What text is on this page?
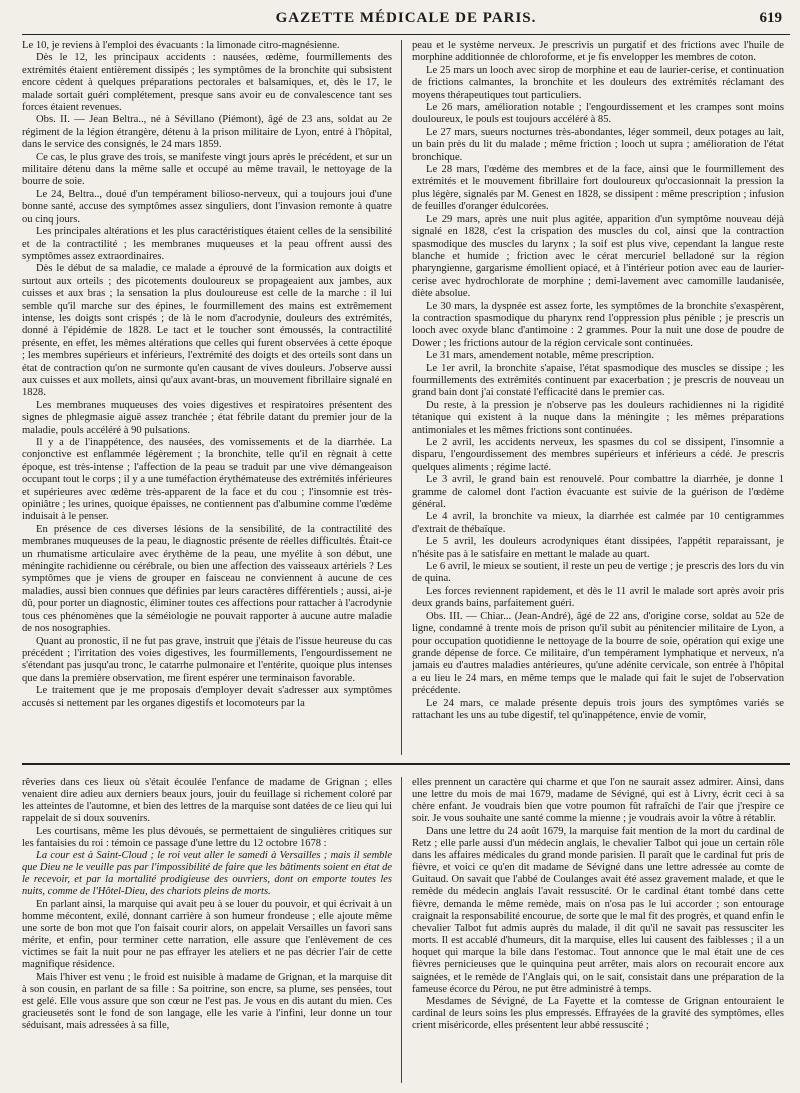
GAZETTE MÉDICALE DE PARIS.	619

Le 10, je reviens à l'emploi des évacuants : la limonade citro-magnésienne.

Dès le 12, les principaux accidents : nausées, œdème, fourmillements des extrémités étaient entièrement dissipés ; les symptômes de la bronchite qui subsistent encore cèdent à quelques préparations pectorales et balsamiques, et, dès le 17, le malade sortait guéri complétement, presque sans avoir eu de convalescence tant ses forces étaient revenues.

Obs. II. — Jean Beltra.., né à Sévillano (Piémont), âgé de 23 ans, soldat au 2e régiment de la légion étrangère, détenu à la prison militaire de Lyon, entré à l'hôpital, dans le service des consignés, le 24 mars 1859.

Ce cas, le plus grave des trois, se manifeste vingt jours après le précédent, et sur un militaire détenu dans la même salle et occupé au même travail, le nettoyage de la bourre de soie.

Le 24, Beltra.., doué d'un tempérament bilioso-nerveux, qui a toujours joui d'une bonne santé, accuse des symptômes assez singuliers, dont l'invasion remonte à quatre ou cinq jours.

Les principales altérations et les plus caractéristiques étaient celles de la sensibilité et de la contractilité ; les membranes muqueuses et la peau offrent aussi des symptômes assez extraordinaires.

Dès le début de sa maladie, ce malade a éprouvé de la formication aux doigts et surtout aux orteils ; des picotements douloureux se propageaient aux jambes, aux cuisses et aux bras ; la sensation la plus douloureuse est celle de la marche : il lui semble qu'il marche sur des épines, le fourmillement des mains est extrêmement intense, les doigts sont crispés ; de là le nom d'acrodynie, douleurs des extrémités, donné à l'épidémie de 1828. Le tact et le toucher sont émoussés, la contractilité présente, en effet, les mêmes altérations que celles qui furent observées à cette époque ; les membres supérieurs et inférieurs, l'extrémité des doigts et des orteils sont dans un état de contraction qu'on ne surmonte qu'en causant de vives douleurs. J'observe aussi aux cuisses et aux mollets, ainsi qu'aux avant-bras, un mouvement fibrillaire signalé en 1828.

Les membranes muqueuses des voies digestives et respiratoires présentent des signes de phlegmasie aiguë assez tranchée ; état fébrile datant du premier jour de la maladie, pouls accéléré à 90 pulsations.

Il y a de l'inappétence, des nausées, des vomissements et de la diarrhée. La conjonctive est enflammée légèrement ; la bronchite, telle qu'il en règnait à cette époque, est très-intense ; l'affection de la peau se traduit par une vive démangeaison occupant tout le corps ; il y a une tuméfaction érythémateuse des extrémités inférieures et supérieures avec œdème très-apparent de la face et du cou ; l'insomnie est très-opiniâtre ; les urines, quoique épaisses, ne contiennent pas d'albumine comme l'œdème induisait à le penser.

En présence de ces diverses lésions de la sensibilité, de la contractilité des membranes muqueuses de la peau, le diagnostic présente de réelles difficultés. Était-ce un rhumatisme articulaire avec érythème de la peau, une myélite à son début, une méningite rachidienne ou cérébrale, ou bien une affection des vaisseaux artériels ? Les symptômes que je viens de grouper en faisceau ne conviennent à aucune de ces maladies, aussi bien connues que définies par leurs caractères différentiels ; aussi, ai-je dû, pour porter un diagnostic, éliminer toutes ces affections pour rattacher à l'acrodynie tous ces phénomènes que la séméiologie ne pouvait rapporter à aucune autre maladie de nos nosographies.

Quant au pronostic, il ne fut pas grave, instruit que j'étais de l'issue heureuse du cas précédent ; l'irritation des voies digestives, les fourmillements, l'engourdissement ne s'étendant pas jusqu'au tronc, le catarrhe pulmonaire et l'entérite, quoique plus intenses que dans la première observation, me firent espérer une terminaison favorable.

Le traitement que je me proposais d'employer devait s'adresser aux symptômes accusés si nettement par les organes digestifs et locomoteurs par la

peau et le système nerveux. Je prescrivis un purgatif et des frictions avec l'huile de morphine additionnée de chloroforme, et je fis envelopper les membres de coton.

Le 25 mars un looch avec sirop de morphine et eau de laurier-cerise, et continuation de frictions calmantes, la bronchite et les douleurs des extrémités réclamant des moyens thérapeutiques tout particuliers.

Le 26 mars, amélioration notable ; l'engourdissement et les crampes sont moins douloureux, le pouls est toujours accéléré à 85.

Le 27 mars, sueurs nocturnes très-abondantes, léger sommeil, deux potages au lait, un bain près du lit du malade ; même friction ; looch ut supra ; amélioration de l'état bronchique.

Le 28 mars, l'œdème des membres et de la face, ainsi que le fourmillement des extrémités et le mouvement fibrillaire fort douloureux qu'occasionnait la pression la plus légère, signalés par M. Genest en 1828, se dissipent : même prescription ; infusion de feuilles d'oranger édulcorées.

Le 29 mars, après une nuit plus agitée, apparition d'un symptôme nouveau déjà signalé en 1828, c'est la crispation des muscles du col, ainsi que la contraction spasmodique des muscles du larynx ; la soif est plus vive, cependant la langue reste blanche et humide ; friction avec le cérat mercuriel belladoné sur la région pharyngienne, gargarisme émollient opiacé, et à l'intérieur potion avec eau de laurier-cerise avec hydrochlorate de morphine ; demi-lavement avec camomille laudanisée, diète absolue.

Le 30 mars, la dyspnée est assez forte, les symptômes de la bronchite s'exaspèrent, la contraction spasmodique du pharynx rend l'oppression plus pénible ; je prescris un looch avec oxyde blanc d'antimoine : 2 grammes. Pour la nuit une dose de poudre de Dower ; les frictions autour de la région cervicale sont continuées.

Le 31 mars, amendement notable, même prescription.

Le 1er avril, la bronchite s'apaise, l'état spasmodique des muscles se dissipe ; les fourmillements des extrémités continuent par exacerbation ; je prescris de nouveau un grand bain dont j'ai constaté l'efficacité dans le premier cas.

Du reste, à la pression je n'observe pas les douleurs rachidiennes ni la rigidité tétanique qui existent à la nuque dans la méningite ; les mêmes préparations antimoniales et les mêmes frictions sont continuées.

Le 2 avril, les accidents nerveux, les spasmes du col se dissipent, l'insomnie a disparu, l'engourdissement des membres supérieurs et inférieurs a cédé. Je prescris quelques aliments ; régime lacté.

Le 3 avril, le grand bain est renouvelé. Pour combattre la diarrhée, je donne 1 gramme de calomel dont l'action évacuante est suivie de la guérison de l'œdème général.

Le 4 avril, la bronchite va mieux, la diarrhée est calmée par 10 centigrammes d'extrait de thébaïque.

Le 5 avril, les douleurs acrodyniques étant dissipées, l'appétit reparaissant, je n'hésite pas à le satisfaire en mettant le malade au quart.

Le 6 avril, le mieux se soutient, il reste un peu de vertige ; je prescris des lors du vin de quina.

Les forces reviennent rapidement, et dès le 11 avril le malade sort après avoir pris deux grands bains, parfaitement guéri.

Obs. III. — Chiar... (Jean-André), âgé de 22 ans, d'origine corse, soldat au 52e de ligne, condamné à trente mois de prison qu'il subit au pénitencier militaire de Lyon, a pour occupation quotidienne le nettoyage de la bourre de soie, opération qui exige une grande dépense de force. Ce militaire, d'un tempérament lymphatique et nerveux, n'a jamais eu d'autres maladies antérieures, qu'une adénite cervicale, son entrée à l'hôpital a eu lieu le 24 mars, en même temps que le malade qui fait le sujet de l'observation précédente.

Le 24 mars, ce malade présente depuis trois jours des symptômes variés se rattachant les uns au tube digestif, tel qu'inappétence, envie de vomir,

rêveries dans ces lieux où s'était écoulée l'enfance de madame de Grignan ; elles venaient dire adieu aux derniers beaux jours, jouir du feuillage si richement coloré par les atteintes de l'automne, et bien des lettres de la marquise sont datées de ce lieu qui lui rappelait de si doux souvenirs.

Les courtisans, même les plus dévoués, se permettaient de singulières critiques sur les fantaisies du roi : témoin ce passage d'une lettre du 12 octobre 1678 :

La cour est à Saint-Cloud ; le roi veut aller le samedi à Versailles ; mais il semble que Dieu ne le veuille pas par l'impossibilité de faire que les bâtiments soient en état de le recevoir, et par la mortalité prodigieuse des ouvriers, dont on emporte toutes les nuits, comme de l'Hôtel-Dieu, des chariots pleins de morts.

En parlant ainsi, la marquise qui avait peu à se louer du pouvoir, et qui écrivait à un homme mécontent, exilé, donnant carrière à son humeur frondeuse ; elle ajoute même une sorte de bon mot que l'on faisait courir alors, on appelait Versailles un favori sans mérite, et enfin, pour terminer cette narration, elle assure que l'enlèvement de ces victimes se fait la nuit pour ne pas effrayer les ateliers et ne pas décrier l'air de cette magnifique résidence.

Mais l'hiver est venu ; le froid est nuisible à madame de Grignan, et la marquise dit à son cousin, en parlant de sa fille : Sa poitrine, son encre, sa plume, ses pensées, tout est gelé. Elle vous assure que son cœur ne l'est pas. Je vous en dis autant du mien. Ces gracieusetés sont le fond de son langage, elle les varie à l'infini, leur donne un tour séduisant, mais adressées à sa fille,

elles prennent un caractère qui charme et que l'on ne saurait assez admirer. Ainsi, dans une lettre du mois de mai 1679, madame de Sévigné, qui est à Livry, écrit ceci à sa chère enfant. Je voudrais bien que votre poumon fût rafraîchi de l'air que j'respire ce soir. Je vous souhaite une santé comme la mienne ; je voudrais avoir la vôtre à rétablir.

Dans une lettre du 24 août 1679, la marquise fait mention de la mort du cardinal de Retz ; elle parle aussi d'un médecin anglais, le chevalier Talbot qui joue un certain rôle dans les affaires médicales du grand monde parisien. Il paraît que le cardinal fut pris de fièvre, et voici ce qu'en dit madame de Sévigné dans une lettre adressée au comte de Guitaud. On savait que l'abbé de Coulanges avait été assez gravement malade, et que le remède du médecin anglais l'avait ressuscité. Or le cardinal étant tombé dans cette fièvre, demanda le même remède, mais on n'osa pas le lui accorder ; son entourage craignait la responsabilité encourue, de sorte que le mal fit des progrès, et quand enfin le chevalier Talbot fut admis auprès du malade, il dit qu'il ne savait pas ressusciter les morts. Il est accablé d'humeurs, dit la marquise, elles lui causent des faiblesses ; il a un hoquet qui marque la bile dans l'estomac. Tout annonce que le mal était une de ces fièvres pernicieuses que le quinquina peut arrêter, mais alors on recourait encore aux saignées, et le remède de l'Anglais qui, on le sait, consistait dans une préparation de la fameuse écorce du Pérou, ne put être administré à temps.

Mesdames de Sévigné, de La Fayette et la comtesse de Grignan entouraient le cardinal de leurs soins les plus empressés. Effrayées de la gravité des symptômes, elles crient miséricorde, elles présentent leur abbé ressuscité ;
